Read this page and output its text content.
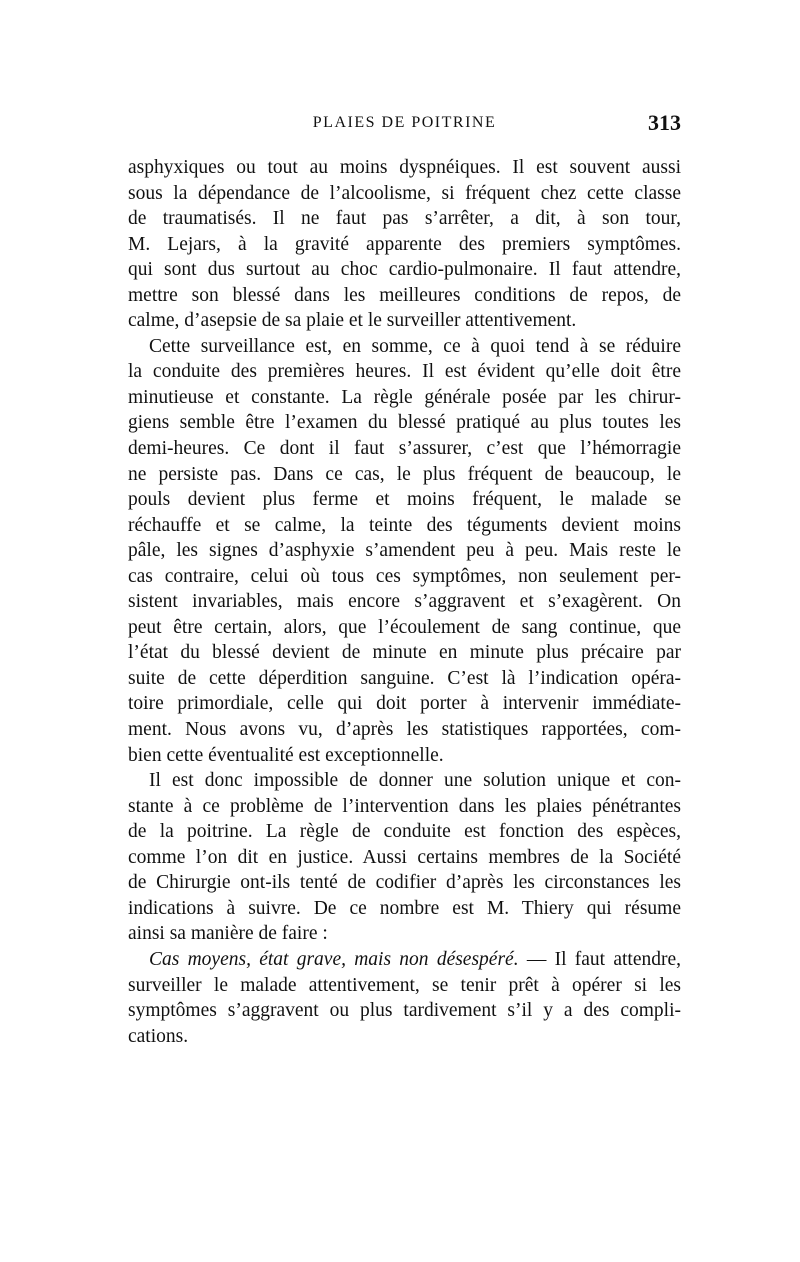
PLAIES DE POITRINE	313
asphyxiques ou tout au moins dyspnéiques. Il est souvent aussi
sous la dépendance de l’alcoolisme, si fréquent chez cette classe
de traumatisés. Il ne faut pas s’arrêter, a dit, à son tour,
M. Lejars, à la gravité apparente des premiers symptômes.
qui sont dus surtout au choc cardio-pulmonaire. Il faut attendre,
mettre son blessé dans les meilleures conditions de repos, de
calme, d’asepsie de sa plaie et le surveiller attentivement.
Cette surveillance est, en somme, ce à quoi tend à se réduire
la conduite des premières heures. Il est évident qu’elle doit être
minutieuse et constante. La règle générale posée par les chirur-
giens semble être l’examen du blessé pratiqué au plus toutes les
demi-heures. Ce dont il faut s’assurer, c’est que l’hémorragie
ne persiste pas. Dans ce cas, le plus fréquent de beaucoup, le
pouls devient plus ferme et moins fréquent, le malade se
réchauffe et se calme, la teinte des téguments devient moins
pâle, les signes d’asphyxie s’amendent peu à peu. Mais reste le
cas contraire, celui où tous ces symptômes, non seulement per-
sistent invariables, mais encore s’aggravent et s’exagèrent. On
peut être certain, alors, que l’écoulement de sang continue, que
l’état du blessé devient de minute en minute plus précaire par
suite de cette déperdition sanguine. C’est là l’indication opéra-
toire primordiale, celle qui doit porter à intervenir immédiate-
ment. Nous avons vu, d’après les statistiques rapportées, com-
bien cette éventualité est exceptionnelle.
Il est donc impossible de donner une solution unique et con-
stante à ce problème de l’intervention dans les plaies pénétrantes
de la poitrine. La règle de conduite est fonction des espèces,
comme l’on dit en justice. Aussi certains membres de la Société
de Chirurgie ont-ils tenté de codifier d’après les circonstances les
indications à suivre. De ce nombre est M. Thiery qui résume
ainsi sa manière de faire :
Cas moyens, état grave, mais non désespéré. — Il faut attendre,
surveiller le malade attentivement, se tenir prêt à opérer si les
symptômes s’aggravent ou plus tardivement s’il y a des compli-
cations.
